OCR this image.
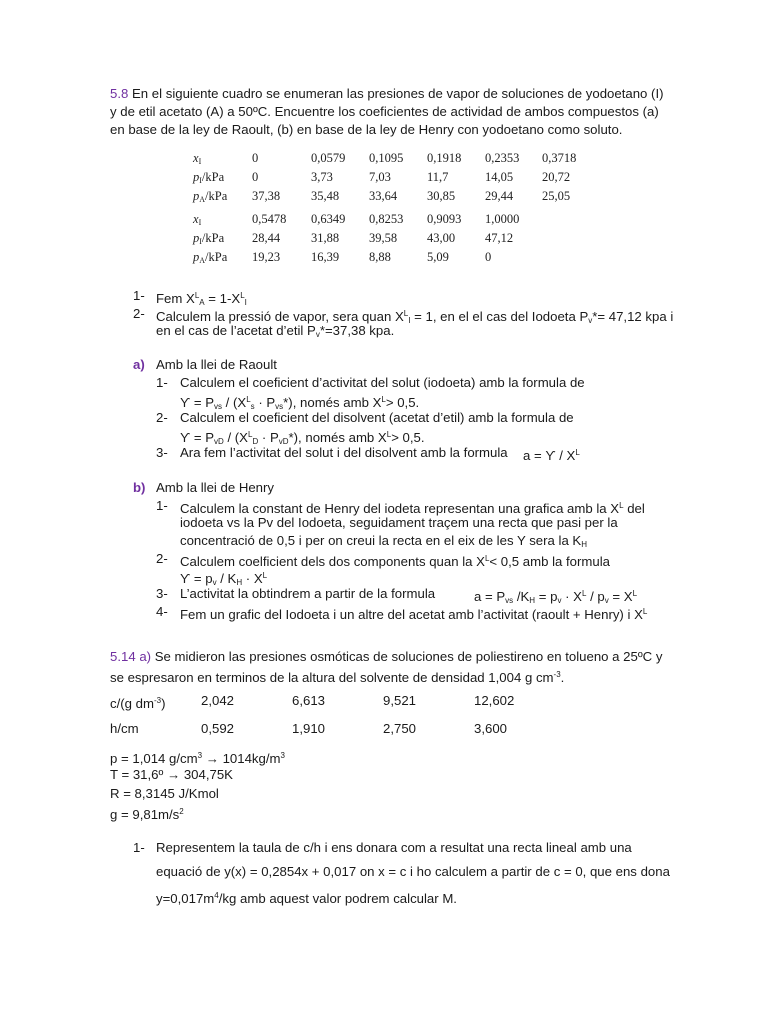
5.8 En el siguiente cuadro se enumeran las presiones de vapor de soluciones de yodoetano (I)
y de etil acetato (A) a 50ºC. Encuentre los coeficientes de actividad de ambos compuestos (a)
en base de la ley de Raoult, (b) en base de la ley de Henry con yodoetano como soluto.
$x_I$	0	0,0579 0,1095 0,1918 0,2353 0,3718
$p_I$/kPa 0	3,73	7,03	11,7	14,05 20,72
$p_A$/kPa 37,38 35,48 33,64 30,85 29,44 25,05
$x_I$	0,5478 0,6349 0,8253 0,9093 1,0000
$p_I$/kPa 28,44 31,88 39,58 43,00 47,12
$p_A$/kPa 19,23 16,39 8,88	5,09	0
1- Fem $X^L_A = 1-X^L_I$
2- Calculem la pressió de vapor, sera quan $X^L_I = 1$, en el el cas del Iodoeta $P_v*= 47,12$ kpa i
en el cas de l’acetat d’etil $P_v*=37,38$ kpa.
a) Amb la llei de Raoult
1- Calculem el coeficient d’activitat del solut (iodoeta) amb la formula de
$ϒ = P_{vs} / (X^L_s \cdot P_{vs}*)$, només amb $X^L> 0,5$.
2- Calculem el coeficient del disolvent (acetat d’etil) amb la formula de
$ϒ = P_{vD} / (X^L_D \cdot P_{vD}*)$, només amb $X^L> 0,5$.
3- Ara fem l’activitat del solut i del disolvent amb la formula $a = ϒ / X^L$
b) Amb la llei de Henry
1- Calculem la constant de Henry del iodeta representan una grafica amb la $X^L$ del
iodoeta vs la Pv del Iodoeta, seguidament traçem una recta que pasi per la
concentració de 0,5 i per on creui la recta en el eix de les Y sera la $K_H$
2- Calculem coelficient dels dos components quan la $X^L< 0,5$ amb la formula
$ϒ = p_v / K_H \cdot X^L$
3- L’activitat la obtindrem a partir de la formula	$a = P_{vs}$ $/K_H = p_v \cdot X^L / p_v = X^L$
4- Fem un grafic del Iodoeta i un altre del acetat amb l’activitat (raoult + Henry) i $X^L$
5.14 a) Se midieron las presiones osmóticas de soluciones de poliestireno en tolueno a 25ºC y
se espresaron en terminos de la altura del solvente de densidad 1,004 g $cm^{-3}$.
c/(g $dm^{-3}$)	2,042	6,613	9,521	12,602
h/cm	0,592	1,910	2,750	3,600
p = 1,014 $g/cm^3 \to 1014kg/m^3$
T = 31,6º → 304,75K
R = 8,3145 J/Kmol
$g = 9,81m/s^2$
1- Representem la taula de c/h i ens donara com a resultat una recta lineal amb una
equació de y(x) = 0,2854x + 0,017 on x = c i ho calculem a partir de c = 0, que ens dona
$y=0,017m^4/kg$ amb aquest valor podrem calcular M.
